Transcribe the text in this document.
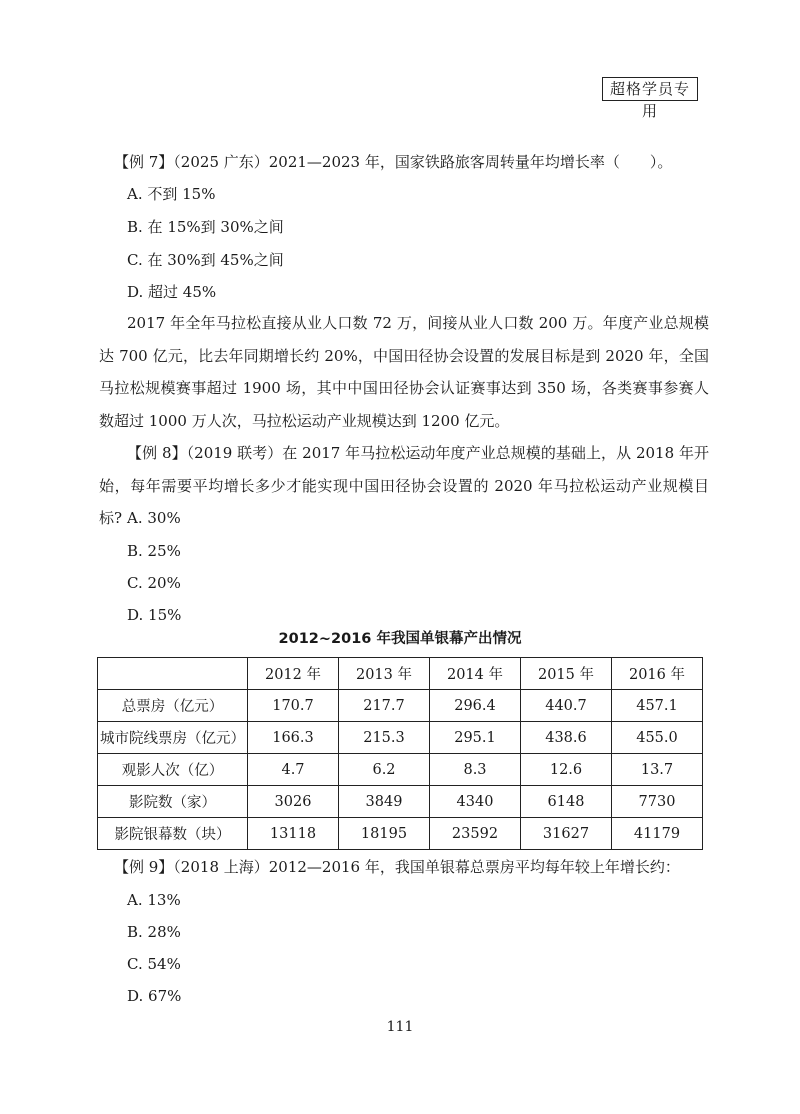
超格学员专用
【例 7】（2025 广东）2021—2023 年，国家铁路旅客周转量年均增长率（　　）。
A. 不到 15%
B. 在 15%到 30%之间
C. 在 30%到 45%之间
D. 超过 45%
2017 年全年马拉松直接从业人口数 72 万，间接从业人口数 200 万。年度产业总规模达 700 亿元，比去年同期增长约 20%，中国田径协会设置的发展目标是到 2020 年，全国马拉松规模赛事超过 1900 场，其中中国田径协会认证赛事达到 350 场，各类赛事参赛人数超过 1000 万人次，马拉松运动产业规模达到 1200 亿元。
【例 8】（2019 联考）在 2017 年马拉松运动年度产业总规模的基础上，从 2018 年开始，每年需要平均增长多少才能实现中国田径协会设置的 2020 年马拉松运动产业规模目标? A. 30%
B. 25%
C. 20%
D. 15%
2012~2016 年我国单银幕产出情况
	2012 年	2013 年	2014 年	2015 年	2016 年
总票房（亿元）	170.7	217.7	296.4	440.7	457.1
城市院线票房（亿元）	166.3	215.3	295.1	438.6	455.0
观影人次（亿）	4.7	6.2	8.3	12.6	13.7
影院数（家）	3026	3849	4340	6148	7730
影院银幕数（块）	13118	18195	23592	31627	41179
【例 9】（2018 上海）2012—2016 年，我国单银幕总票房平均每年较上年增长约：
A. 13%
B. 28%
C. 54%
D. 67%
111
